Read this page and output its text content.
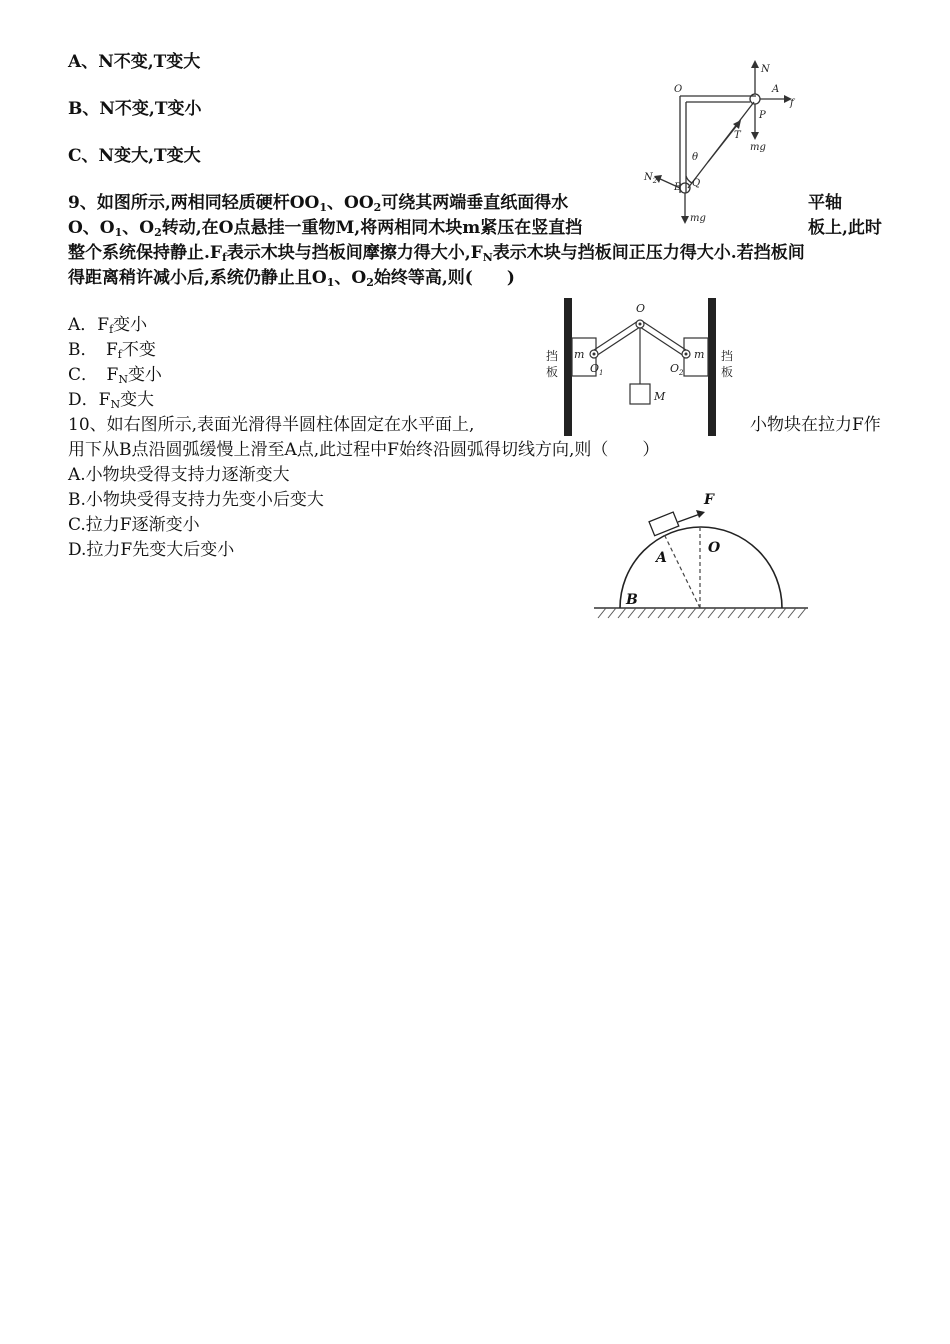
A、N不变,T变大
B、N不变,T变小
C、N变大,T变大
9、如图所示,两相同轻质硬杆$OO_1$、$OO_2$可绕其两端垂直纸面得水	平轴
O、$O_1$、$O_2$转动,在O点悬挂一重物M,将两相同木块m紧压在竖直挡	板上,此时
整个系统保持静止$.F_f$表示木块与挡板间摩擦力得大小$,F_N$表示木块与挡板间正压力得大小.若挡板间
得距离稍许减小后,系统仍静止且$O_1$、$O_2$始终等高,则(　　)
A．$F_f$变小
B．　$F_f$不变
C．　$F_N$变小
D．$F_N$变大
10、如右图所示,表面光滑得半圆柱体固定在水平面上,	小物块在拉力F作
用下从B点沿圆弧缓慢上滑至A点,此过程中F始终沿圆弧得切线方向,则（　　）
A.小物块受得支持力逐渐变大
B.小物块受得支持力先变小后变大
C.拉力F逐渐变小
D.拉力F先变大后变小
N
O	A
f
P
T
mg
θ
$N_2$
B Q
mg
O
m	m
$O_1$	$O_2$
M
挡
板
挡
板
F
A
O
B
